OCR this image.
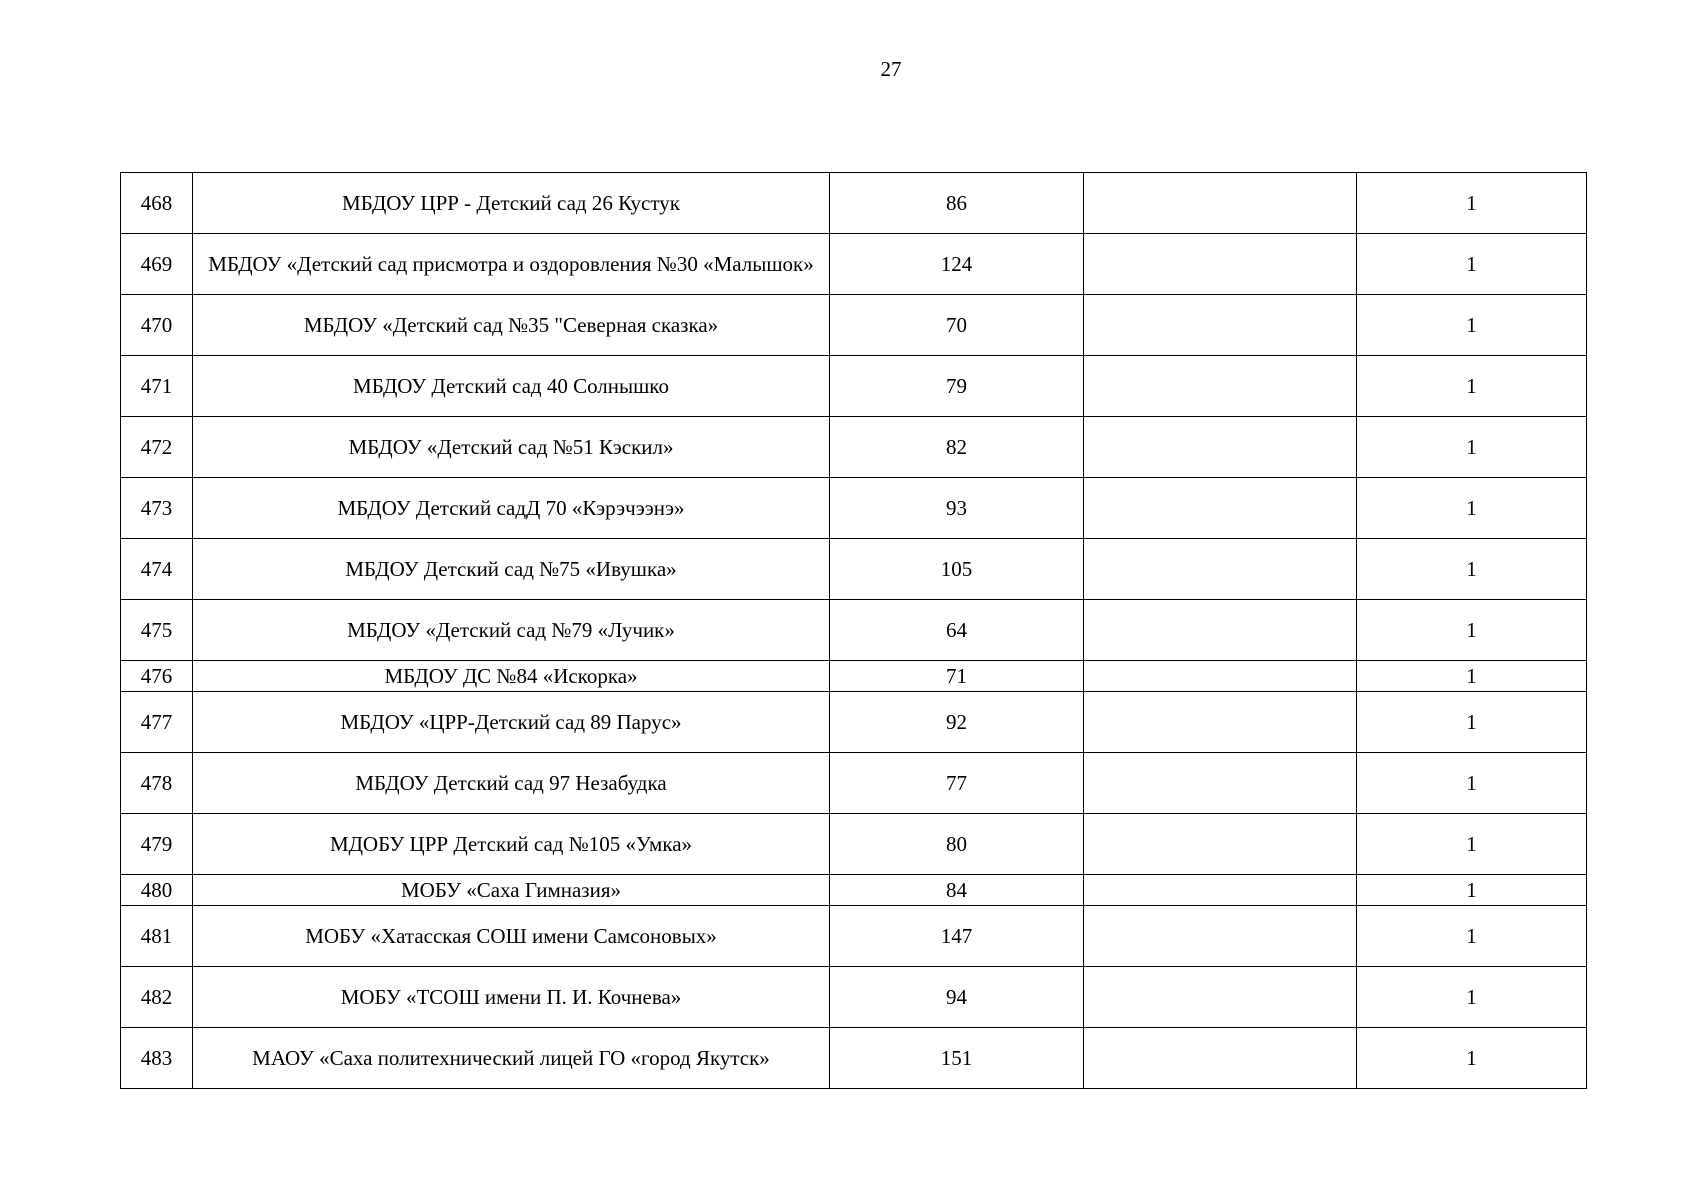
27
468	МБДОУ ЦРР - Детский сад 26 Кустук	86		1
469	МБДОУ «Детский сад присмотра и оздоровления №30 «Малышок»	124		1
470	МБДОУ «Детский сад №35 "Северная сказка»	70		1
471	МБДОУ Детский сад 40 Солнышко	79		1
472	МБДОУ «Детский сад №51 Кэскил»	82		1
473	МБДОУ Детский садД 70 «Кэрэчээнэ»	93		1
474	МБДОУ Детский сад №75 «Ивушка»	105		1
475	МБДОУ «Детский сад №79 «Лучик»	64		1
476	МБДОУ ДС №84 «Искорка»	71		1
477	МБДОУ «ЦРР-Детский сад 89 Парус»	92		1
478	МБДОУ Детский сад 97 Незабудка	77		1
479	МДОБУ ЦРР Детский сад №105 «Умка»	80		1
480	МОБУ «Саха Гимназия»	84		1
481	МОБУ «Хатасская СОШ имени Самсоновых»	147		1
482	МОБУ «ТСОШ имени П. И. Кочнева»	94		1
483	МАОУ «Саха политехнический лицей ГО «город Якутск»	151		1
